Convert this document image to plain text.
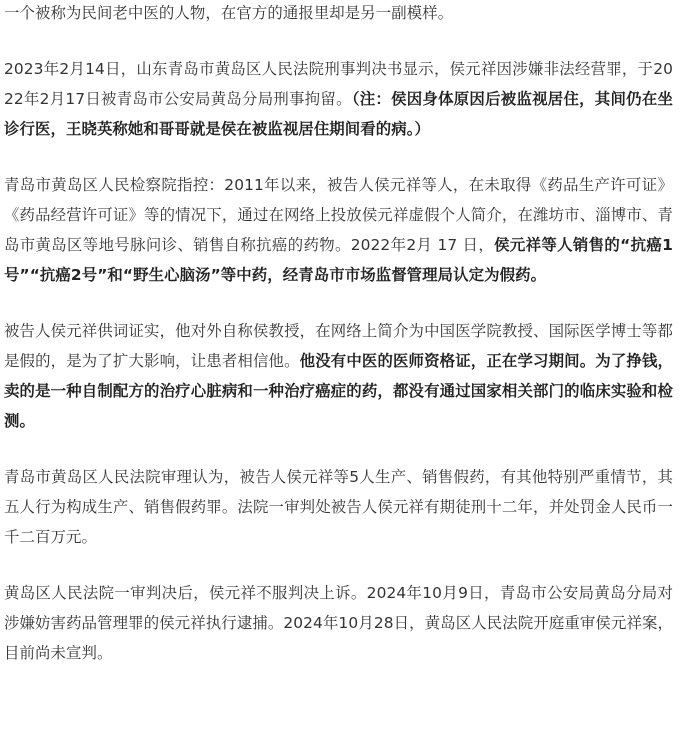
一个被称为民间老中医的人物，在官方的通报里却是另一副模样。

2023年2月14日，山东青岛市黄岛区人民法院刑事判决书显示，侯元祥因涉嫌非法经营罪，于2022年2月17日被青岛市公安局黄岛分局刑事拘留。（注：侯因身体原因后被监视居住，其间仍在坐诊行医，王晓英称她和哥哥就是侯在被监视居住期间看的病。）

青岛市黄岛区人民检察院指控：2011年以来，被告人侯元祥等人，在未取得《药品生产许可证》《药品经营许可证》等的情况下，通过在网络上投放侯元祥虚假个人简介，在潍坊市、淄博市、青岛市黄岛区等地号脉问诊、销售自称抗癌的药物。2022年2月 17 日，侯元祥等人销售的“抗癌1号”“抗癌2号”和“野生心脑汤”等中药，经青岛市市场监督管理局认定为假药。

被告人侯元祥供词证实，他对外自称侯教授，在网络上简介为中国医学院教授、国际医学博士等都是假的，是为了扩大影响，让患者相信他。他没有中医的医师资格证，正在学习期间。为了挣钱，卖的是一种自制配方的治疗心脏病和一种治疗癌症的药，都没有通过国家相关部门的临床实验和检测。

青岛市黄岛区人民法院审理认为，被告人侯元祥等5人生产、销售假药，有其他特别严重情节，其五人行为构成生产、销售假药罪。法院一审判处被告人侯元祥有期徒刑十二年，并处罚金人民币一千二百万元。

黄岛区人民法院一审判决后，侯元祥不服判决上诉。2024年10月9日，青岛市公安局黄岛分局对涉嫌妨害药品管理罪的侯元祥执行逮捕。2024年10月28日，黄岛区人民法院开庭重审侯元祥案，目前尚未宣判。
